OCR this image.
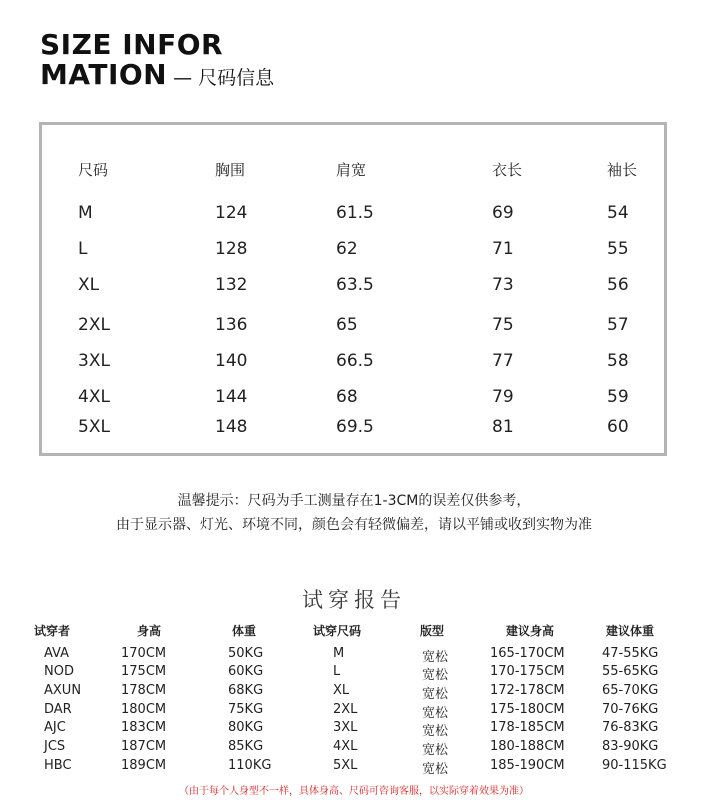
SIZE INFOR
MATION — 尺码信息
尺码	胸围	肩宽	衣长	袖长
M	124	61.5	69	54
L	128	62	71	55
XL	132	63.5	73	56
2XL	136	65	75	57
3XL	140	66.5	77	58
4XL	144	68	79	59
5XL	148	69.5	81	60

温馨提示：尺码为手工测量存在1-3CM的误差仅供参考，

由于显示器、灯光、环境不同，颜色会有轻微偏差，请以平铺或收到实物为准

试穿报告
试穿者	身高	体重	试穿尺码	版型	建议身高	建议体重
AVA	170CM	50KG	M	宽松	165-170CM	47-55KG
NOD	175CM	60KG	L	宽松	170-175CM	55-65KG
AXUN	178CM	68KG	XL	宽松	172-178CM	65-70KG
DAR	180CM	75KG	2XL	宽松	175-180CM	70-76KG
AJC	183CM	80KG	3XL	宽松	178-185CM	76-83KG
JCS	187CM	85KG	4XL	宽松	180-188CM	83-90KG
HBC	189CM	110KG	5XL	宽松	185-190CM	90-115KG

（由于每个人身型不一样，具体身高、尺码可咨询客服，以实际穿着效果为准）
